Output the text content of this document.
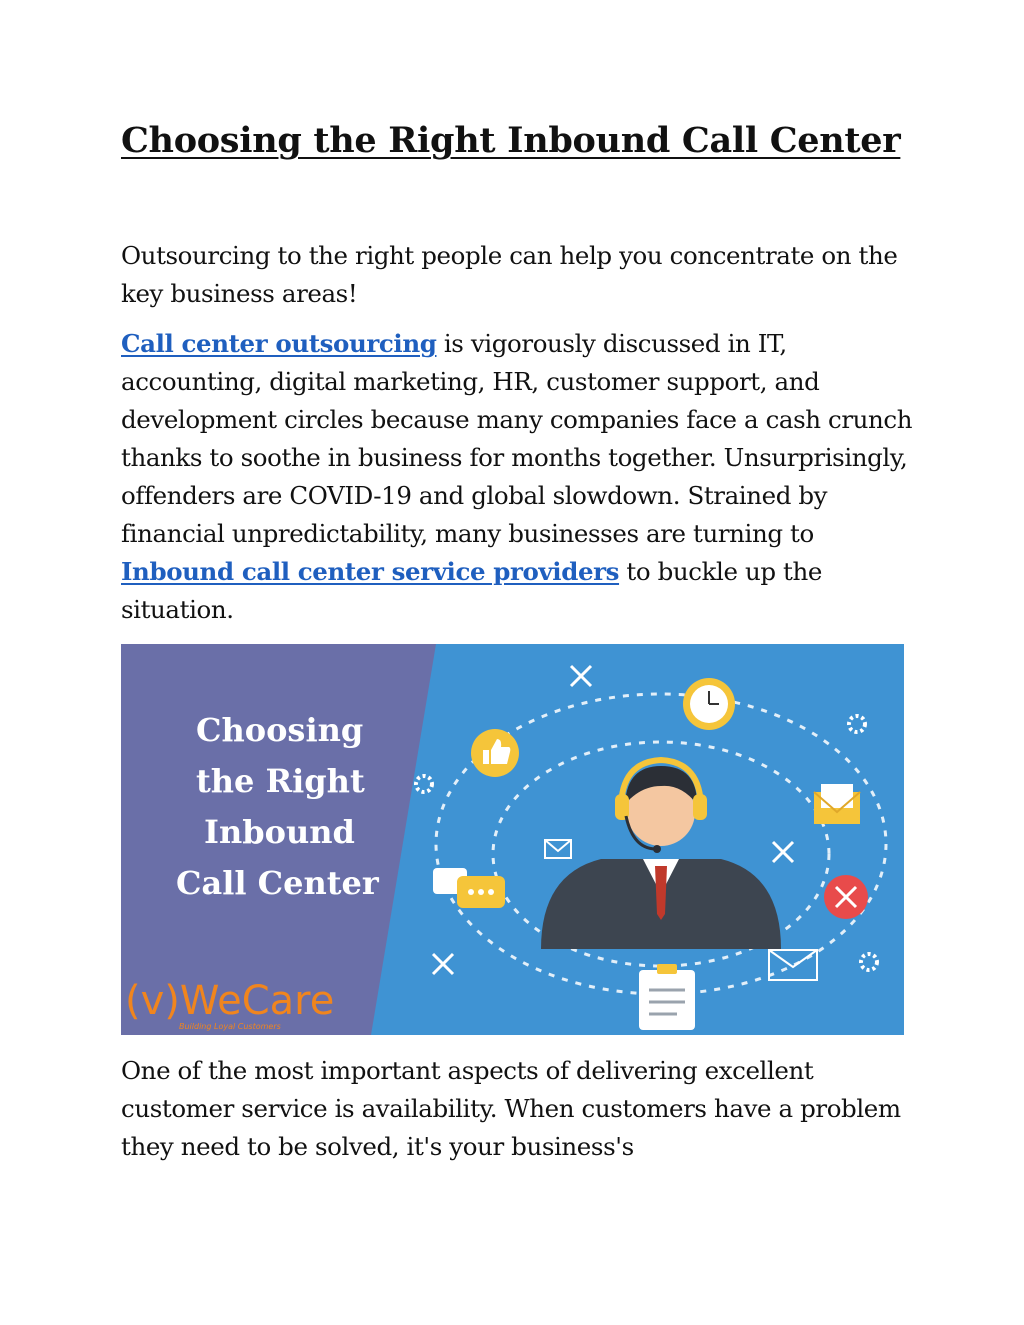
Choosing the Right Inbound Call Center

Outsourcing to the right people can help you concentrate on the key business areas!

Call center outsourcing is vigorously discussed in IT, accounting, digital marketing, HR, customer support, and development circles because many companies face a cash crunch thanks to soothe in business for months together. Unsurprisingly, offenders are COVID-19 and global slowdown. Strained by financial unpredictability, many businesses are turning to Inbound call center service providers to buckle up the situation.

Choosing
the Right
Inbound
Call Center
(v)WeCare
Building Loyal Customers

One of the most important aspects of delivering excellent customer service is availability. When customers have a problem they need to be solved, it's your business's
